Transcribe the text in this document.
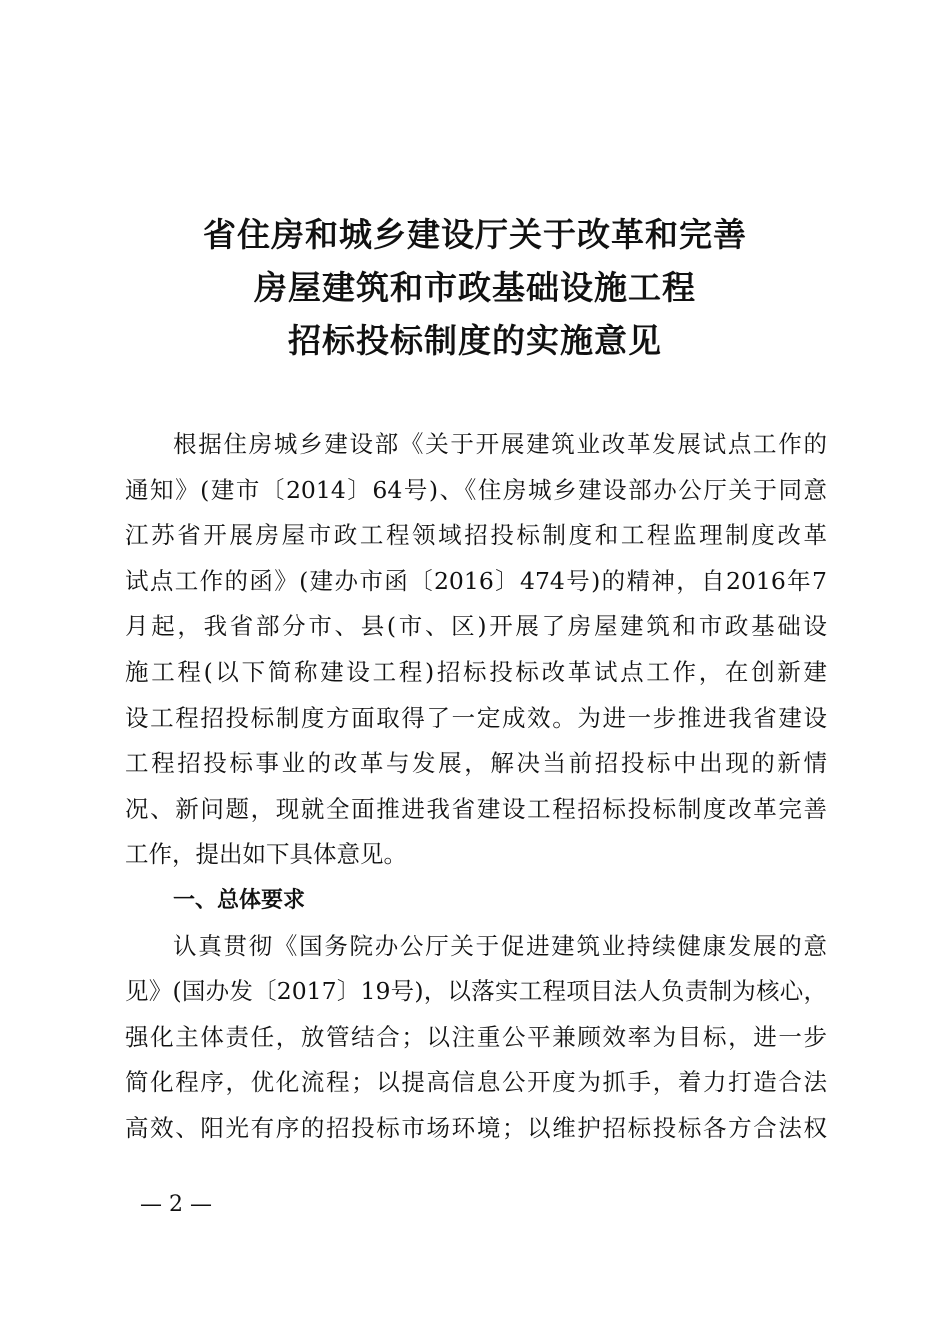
省住房和城乡建设厅关于改革和完善
房屋建筑和市政基础设施工程
招标投标制度的实施意见
根据住房城乡建设部《关于开展建筑业改革发展试点工作的
通知》(建市〔2014〕64号)、《住房城乡建设部办公厅关于同意
江苏省开展房屋市政工程领域招投标制度和工程监理制度改革
试点工作的函》(建办市函〔2016〕474号)的精神，自2016年7
月起，我省部分市、县(市、区)开展了房屋建筑和市政基础设
施工程(以下简称建设工程)招标投标改革试点工作，在创新建
设工程招投标制度方面取得了一定成效。为进一步推进我省建设
工程招投标事业的改革与发展，解决当前招投标中出现的新情
况、新问题，现就全面推进我省建设工程招标投标制度改革完善
工作，提出如下具体意见。
一、总体要求
认真贯彻《国务院办公厅关于促进建筑业持续健康发展的意
见》(国办发〔2017〕19号)，以落实工程项目法人负责制为核心，
强化主体责任，放管结合；以注重公平兼顾效率为目标，进一步
简化程序，优化流程；以提高信息公开度为抓手，着力打造合法
高效、阳光有序的招投标市场环境；以维护招标投标各方合法权
— 2 —
